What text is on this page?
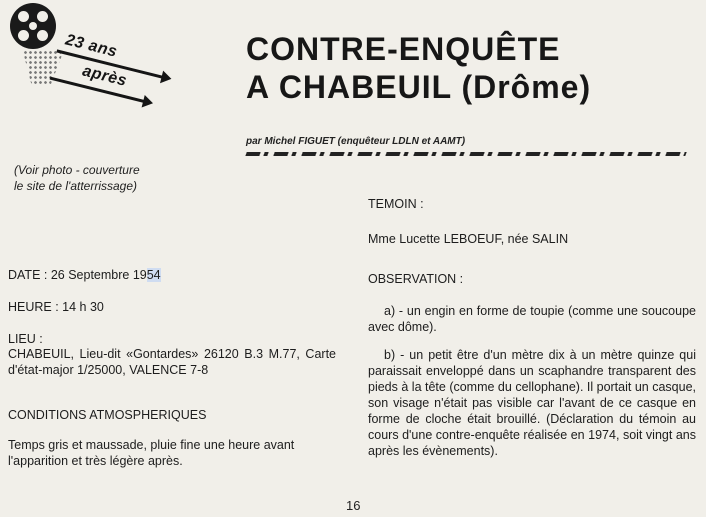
23 ans
après
CONTRE-ENQUÊTE
A CHABEUIL (Drôme)
par Michel FIGUET (enquêteur LDLN et AAMT)
(Voir photo - couverture
le site de l'atterrissage)
DATE : 26 Septembre 1954
HEURE : 14 h 30
LIEU :
CHABEUIL, Lieu-dit «Gontardes» 26120 B.3 M.77, Carte d'état-major 1/25000, VALENCE 7-8
CONDITIONS ATMOSPHERIQUES
Temps gris et maussade, pluie fine une heure avant l'apparition et très légère après.
TEMOIN :
Mme Lucette LEBOEUF, née SALIN
OBSERVATION :
a) - un engin en forme de toupie (comme une soucoupe avec dôme).
b) - un petit être d'un mètre dix à un mètre quinze qui paraissait enveloppé dans un scaphandre transparent des pieds à la tête (comme du cellophane). Il portait un casque, son visage n'était pas visible car l'avant de ce casque en forme de cloche était brouillé. (Déclaration du témoin au cours d'une contre-enquête réalisée en 1974, soit vingt ans après les évènements).
16
